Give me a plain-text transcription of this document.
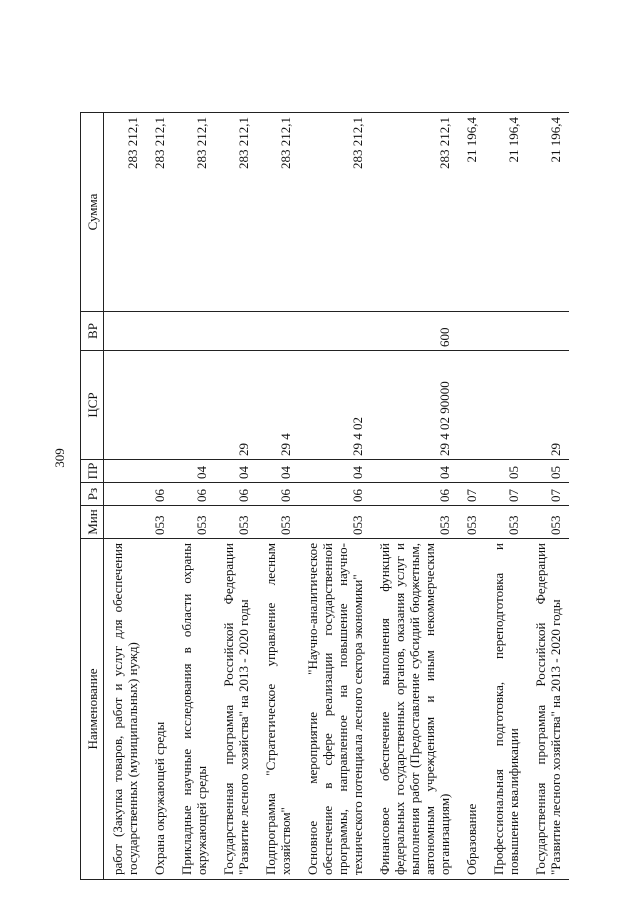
309
Наименование	Мин	Рз	ПР	ЦСР	ВР	Сумма
работ (Закупка товаров, работ и услуг для обеспечения государственных (муниципальных) нужд)						283 212,1
Охрана окружающей среды	053	06				283 212,1
Прикладные научные исследования в области охраны окружающей среды	053	06	04			283 212,1
Государственная программа Российской Федерации "Развитие лесного хозяйства" на 2013 - 2020 годы	053	06	04	29		283 212,1
Подпрограмма "Стратегическое управление лесным хозяйством"	053	06	04	29 4		283 212,1
Основное мероприятие "Научно-аналитическое обеспечение в сфере реализации государственной программы, направленное на повышение научно-технического потенциала лесного сектора экономики"	053	06	04	29 4 02		283 212,1
Финансовое обеспечение выполнения функций федеральных государственных органов, оказания услуг и выполнения работ (Предоставление субсидий бюджетным, автономным учреждениям и иным некоммерческим организациям)	053	06	04	29 4 02 90000	600	283 212,1
Образование	053	07				21 196,4
Профессиональная подготовка, переподготовка и повышение квалификации	053	07	05			21 196,4
Государственная программа Российской Федерации "Развитие лесного хозяйства" на 2013 - 2020 годы	053	07	05	29		21 196,4
